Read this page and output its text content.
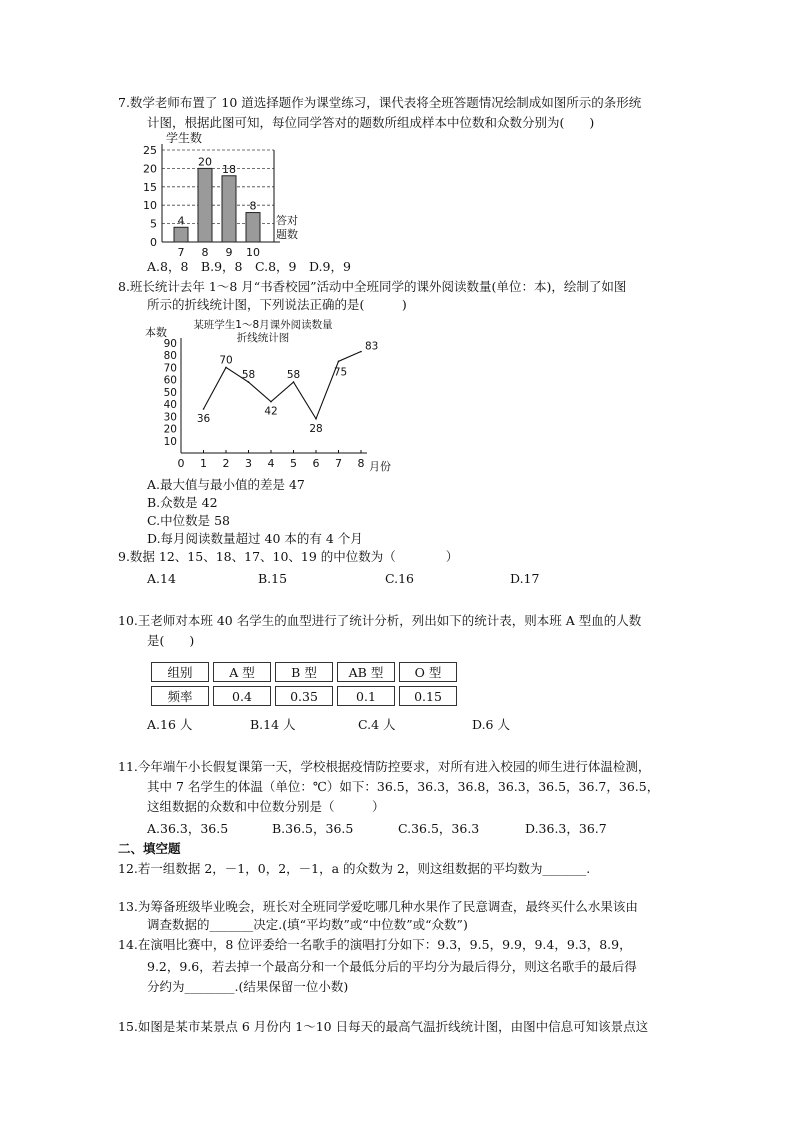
7.数学老师布置了 10 道选择题作为课堂练习，课代表将全班答题情况绘制成如图所示的条形统
计图，根据此图可知，每位同学答对的题数所组成样本中位数和众数分别为(　　)
学生数
0
5
10
15
20
25
4
7
20
8
18
9
8
10
答对
题数
A.8，8　B.9，8　C.8，9　D.9，9
8.班长统计去年 1～8 月“书香校园”活动中全班同学的课外阅读数量(单位：本)，绘制了如图
所示的折线统计图，下列说法正确的是(　　　)
某班学生1～8月课外阅读数量
折线统计图
本数
10
20
30
40
50
60
70
80
90
0 1 2 3 4 5 6 7 8 月份
36
70
58
42
58
28
75
83
A.最大值与最小值的差是 47
B.众数是 42
C.中位数是 58
D.每月阅读数量超过 40 本的有 4 个月
9.数据 12、15、18、17、10、19 的中位数为（　　　　）
A.14	B.15	C.16	D.17
10.王老师对本班 40 名学生的血型进行了统计分析，列出如下的统计表，则本班 A 型血的人数
是(　　)
组别	A 型	B 型	AB 型	O 型
频率	0.4	0.35	0.1	0.15
A.16 人	B.14 人	C.4 人	D.6 人
11.今年端午小长假复课第一天，学校根据疫情防控要求，对所有进入校园的师生进行体温检测，
其中 7 名学生的体温（单位：℃）如下：36.5，36.3，36.8，36.3，36.5，36.7，36.5，
这组数据的众数和中位数分别是（　　　）
A.36.3，36.5	B.36.5，36.5	C.36.5，36.3	D.36.3，36.7
二、填空题
12.若一组数据 2，－1，0，2，－1，a 的众数为 2，则这组数据的平均数为_______.
13.为筹备班级毕业晚会，班长对全班同学爱吃哪几种水果作了民意调查，最终买什么水果该由
调查数据的_______决定.(填“平均数”或“中位数”或“众数”)
14.在演唱比赛中，8 位评委给一名歌手的演唱打分如下：9.3，9.5，9.9，9.4，9.3，8.9，
9.2，9.6，若去掉一个最高分和一个最低分后的平均分为最后得分，则这名歌手的最后得
分约为________.(结果保留一位小数)
15.如图是某市某景点 6 月份内 1～10 日每天的最高气温折线统计图，由图中信息可知该景点这
